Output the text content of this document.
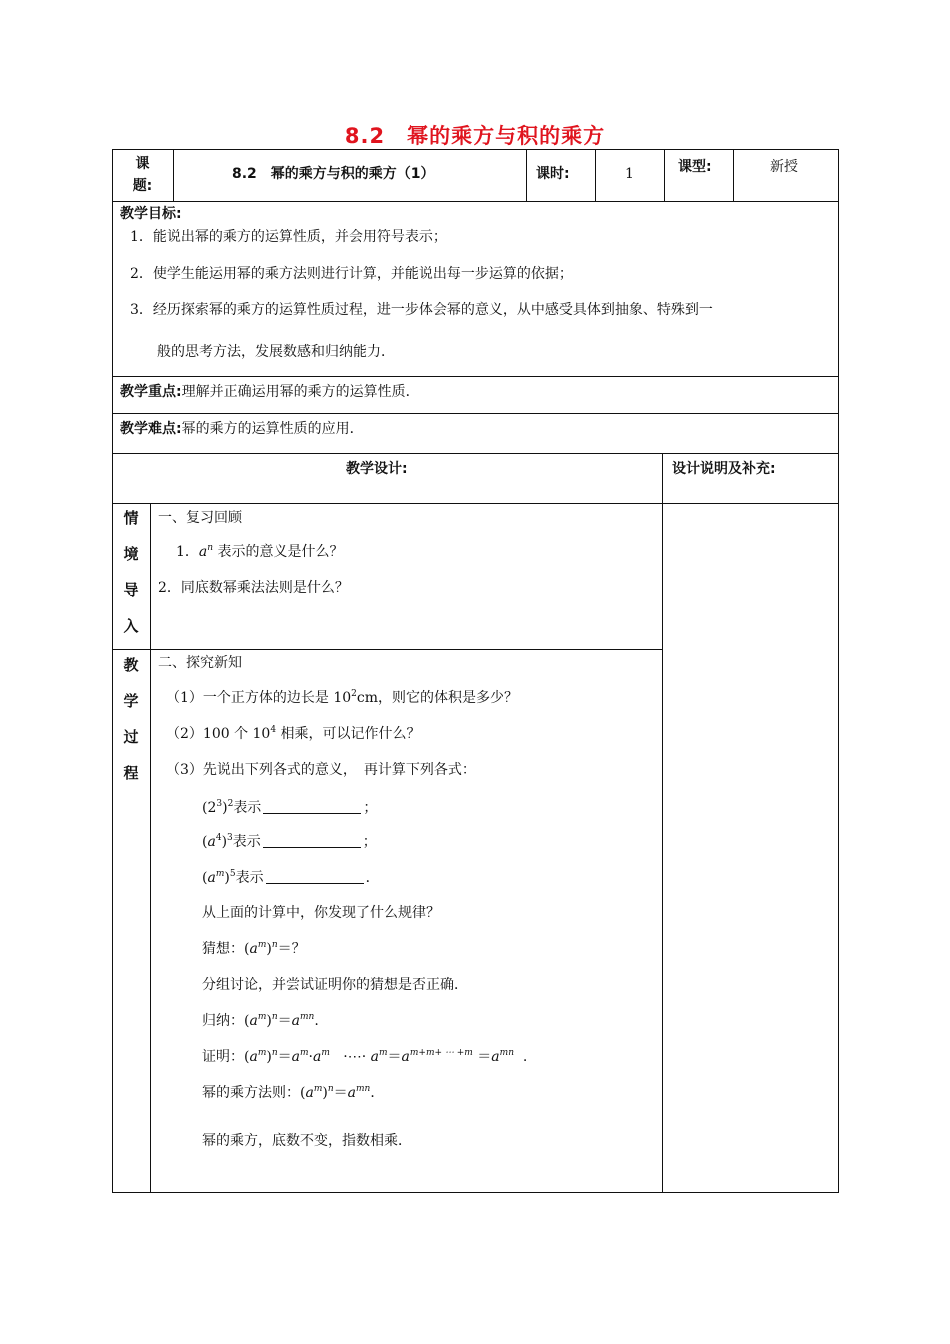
8.2　幂的乘方与积的乘方
课
题:
8.2　幂的乘方与积的乘方（1）	课时:	1	课型:	新授
教学目标:
1．能说出幂的乘方的运算性质，并会用符号表示；
2．使学生能运用幂的乘方法则进行计算，并能说出每一步运算的依据；
3．经历探索幂的乘方的运算性质过程，进一步体会幂的意义，从中感受具体到抽象、特殊到一
般的思考方法，发展数感和归纳能力．
教学重点:理解并正确运用幂的乘方的运算性质．
教学难点:幂的乘方的运算性质的应用．
教学设计:	设计说明及补充:
情
境
导
入
一、复习回顾
1．$a^n$ 表示的意义是什么？
2．同底数幂乘法法则是什么？
教
学
过
程
二、探究新知
（1）一个正方体的边长是 $10^2cm$，则它的体积是多少？
（2）100 个 $10^4$ 相乘，可以记作什么？
（3）先说出下列各式的意义，　再计算下列各式：
$(2^3)^2$表示	；
$(a^4)^3$表示	；
$(a^m)^5$表示	．
从上面的计算中，你发现了什么规律？
猜想：$(a^m)^n=$？
分组讨论，并尝试证明你的猜想是否正确．
归纳：$(a^m)^n=a^{mn}$.
证明：$(a^m)^n=a^m\cdot a^m$   ·⋯· $a^m=a^{m+m+ \cdots +m} =a^{mn}$  .
幂的乘方法则：$(a^m)^n=a^{mn}$．
幂的乘方，底数不变，指数相乘．
